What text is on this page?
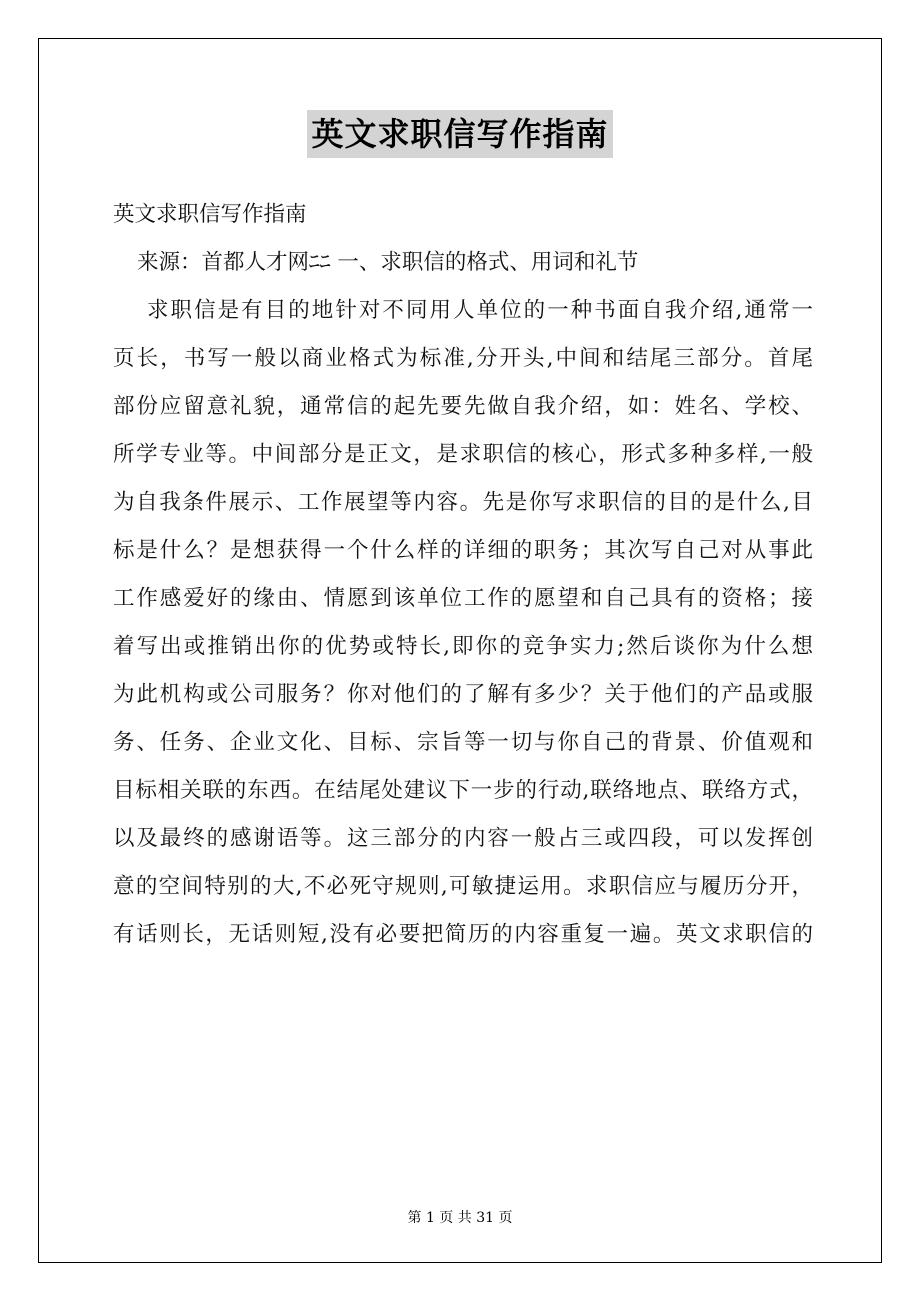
英文求职信写作指南
英文求职信写作指南
来源：首都人才网ﾆﾆ 一、求职信的格式、用词和礼节
求职信是有目的地针对不同用人单位的一种书面自我介绍,通常一
页长，书写一般以商业格式为标准,分开头,中间和结尾三部分。首尾
部份应留意礼貌，通常信的起先要先做自我介绍，如：姓名、学校、
所学专业等。中间部分是正文，是求职信的核心，形式多种多样,一般
为自我条件展示、工作展望等内容。先是你写求职信的目的是什么,目
标是什么？是想获得一个什么样的详细的职务；其次写自己对从事此
工作感爱好的缘由、情愿到该单位工作的愿望和自己具有的资格；接
着写出或推销出你的优势或特长,即你的竞争实力;然后谈你为什么想
为此机构或公司服务？你对他们的了解有多少？关于他们的产品或服
务、任务、企业文化、目标、宗旨等一切与你自己的背景、价值观和
目标相关联的东西。在结尾处建议下一步的行动,联络地点、联络方式，
以及最终的感谢语等。这三部分的内容一般占三或四段，可以发挥创
意的空间特别的大,不必死守规则,可敏捷运用。求职信应与履历分开，
有话则长，无话则短,没有必要把简历的内容重复一遍。英文求职信的
第 1 页 共 31 页
